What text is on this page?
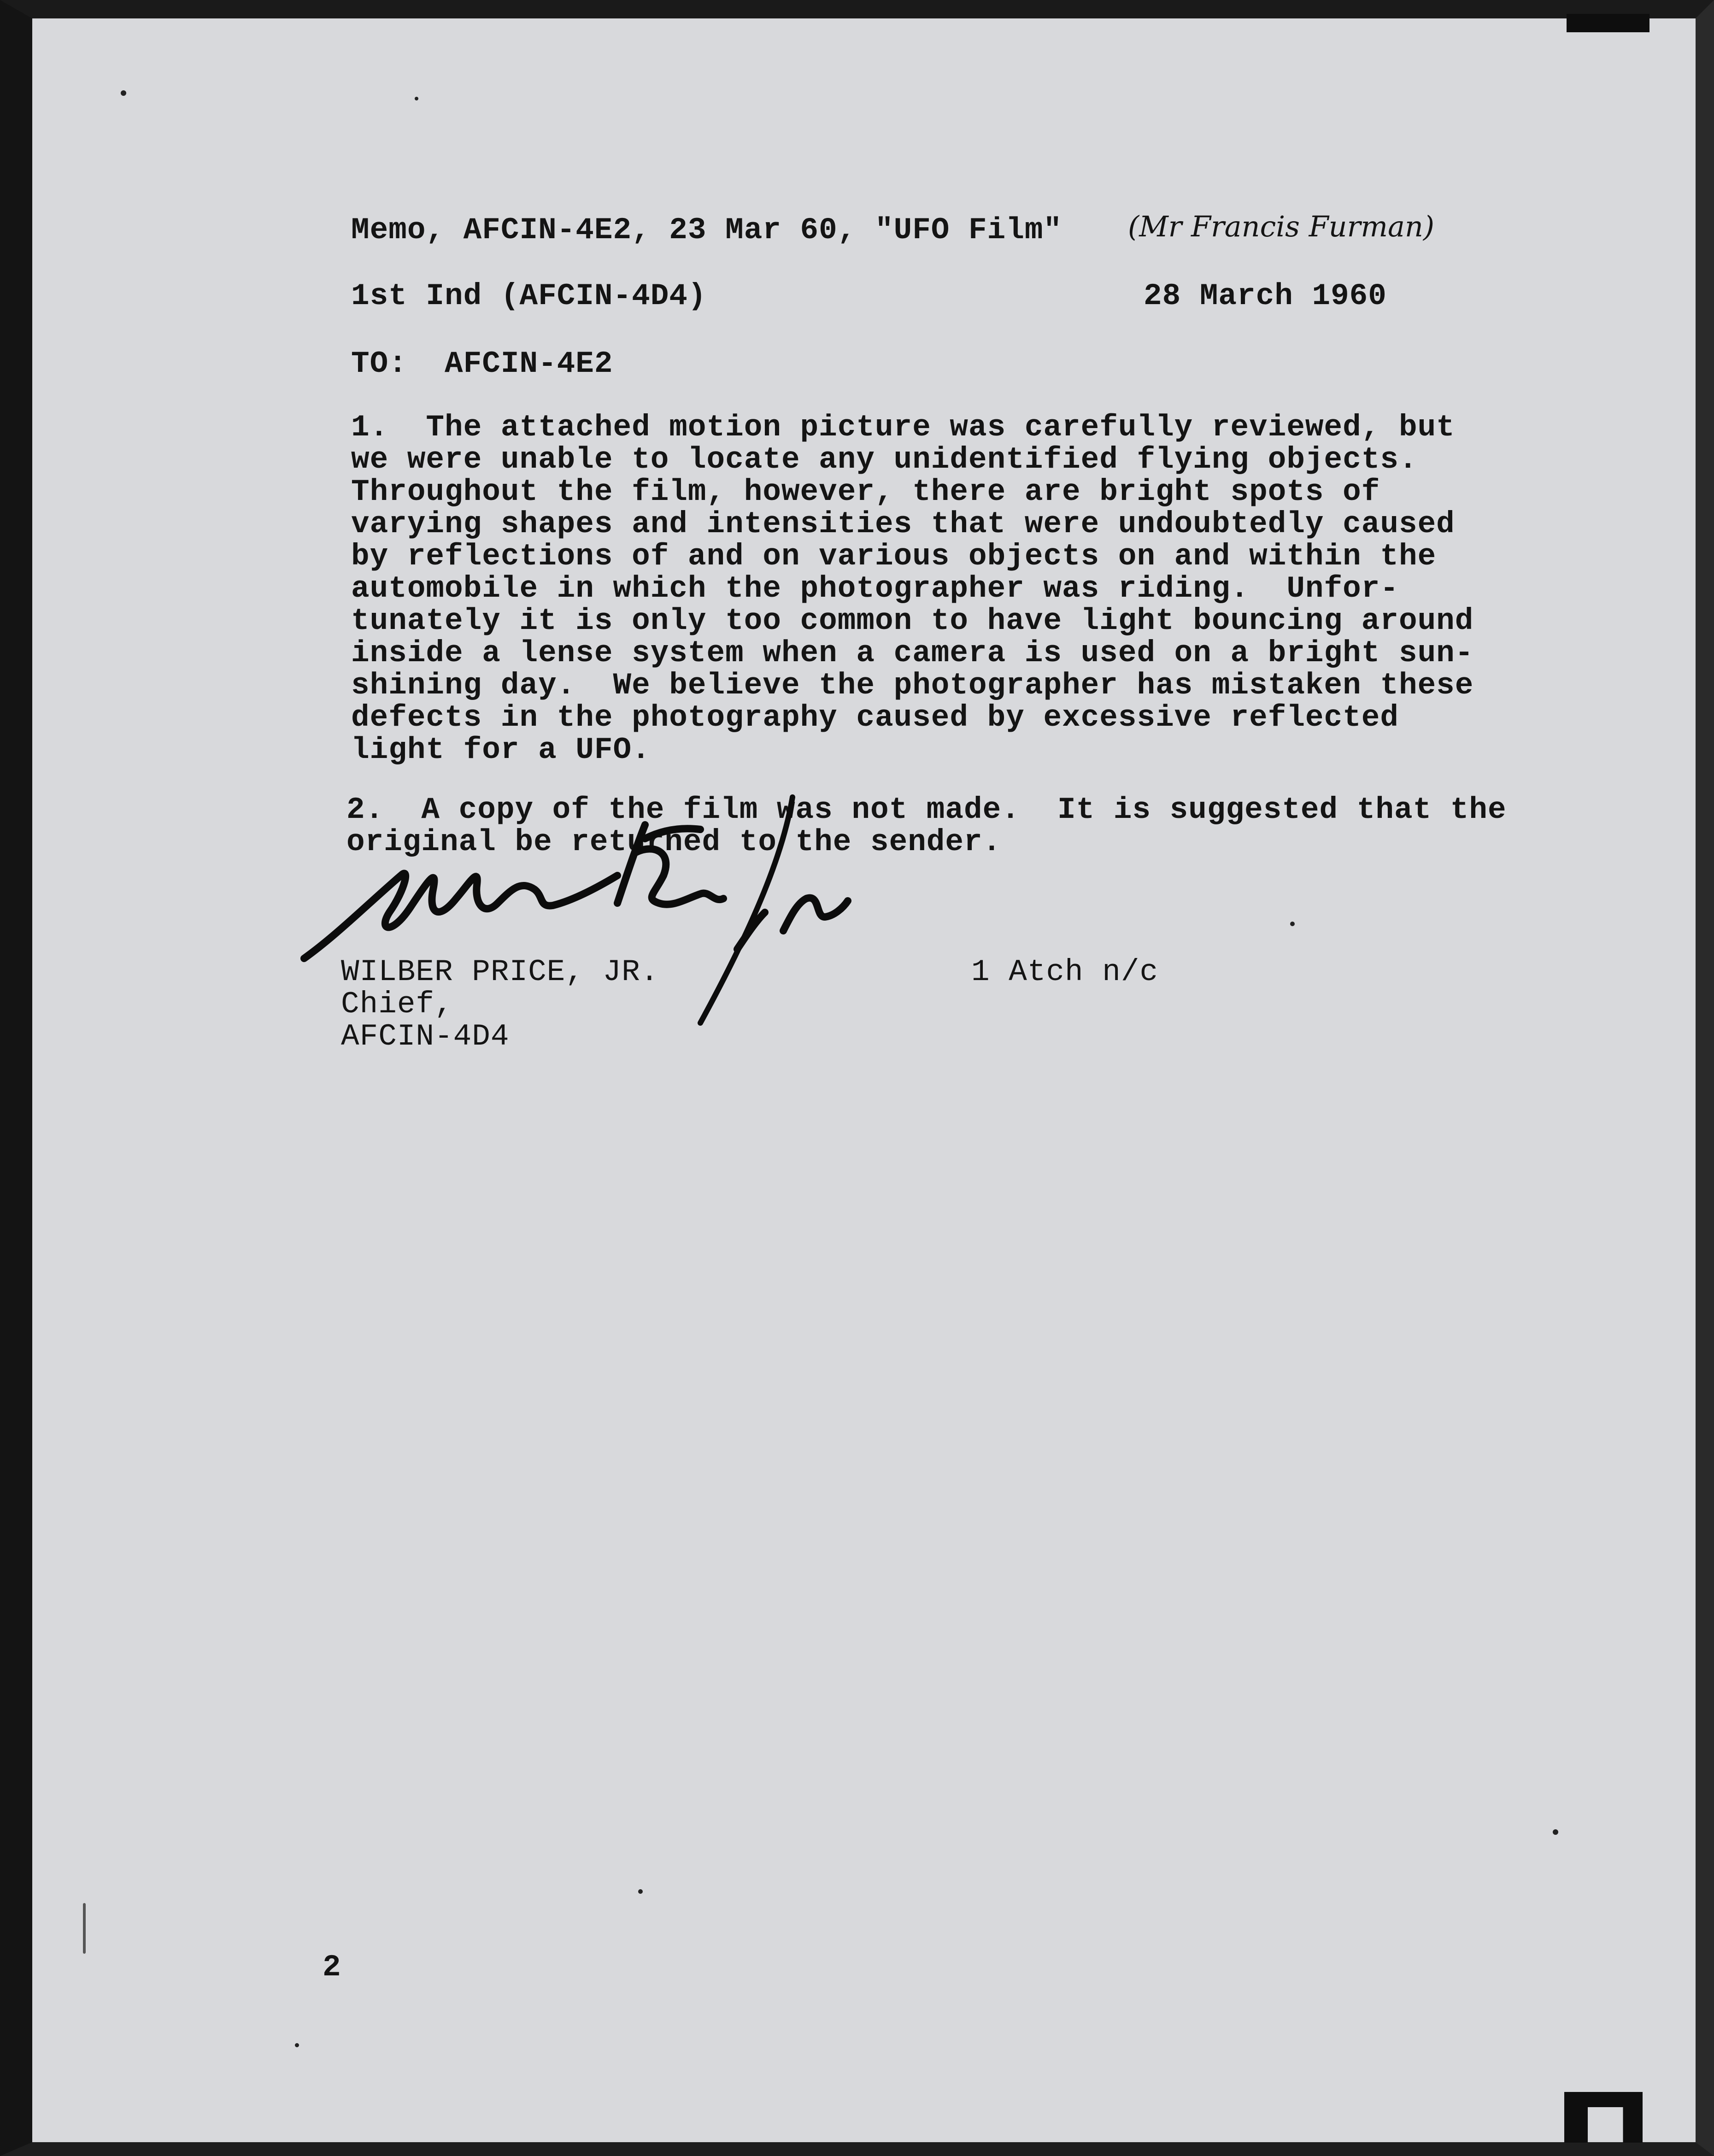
Memo, AFCIN-4E2, 23 Mar 60, "UFO Film" (Mr Francis Furman)
1st Ind (AFCIN-4D4)	28 March 1960
TO:  AFCIN-4E2
1.  The attached motion picture was carefully reviewed, but
we were unable to locate any unidentified flying objects.
Throughout the film, however, there are bright spots of
varying shapes and intensities that were undoubtedly caused
by reflections of and on various objects on and within the
automobile in which the photographer was riding.  Unfor-
tunately it is only too common to have light bouncing around
inside a lense system when a camera is used on a bright sun-
shining day.  We believe the photographer has mistaken these
defects in the photography caused by excessive reflected
light for a UFO.
2.  A copy of the film was not made.  It is suggested that the
original be returned to the sender.
WILBER PRICE, JR.
Chief,
AFCIN-4D4
1 Atch n/c
2
